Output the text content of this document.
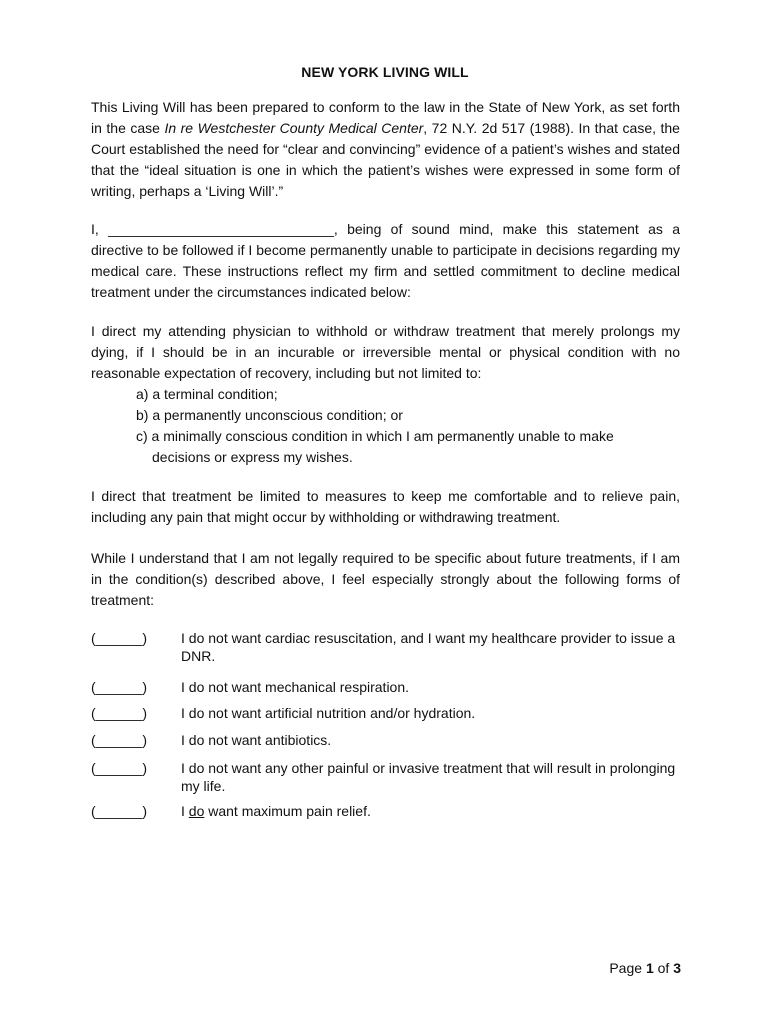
NEW YORK LIVING WILL

This Living Will has been prepared to conform to the law in the State of New York, as set forth in the case In re Westchester County Medical Center, 72 N.Y. 2d 517 (1988). In that case, the Court established the need for “clear and convincing” evidence of a patient’s wishes and stated that the “ideal situation is one in which the patient’s wishes were expressed in some form of writing, perhaps a ‘Living Will’.”

I, _____________________________, being of sound mind, make this statement as a directive to be followed if I become permanently unable to participate in decisions regarding my medical care. These instructions reflect my firm and settled commitment to decline medical treatment under the circumstances indicated below:

I direct my attending physician to withhold or withdraw treatment that merely prolongs my dying, if I should be in an incurable or irreversible mental or physical condition with no reasonable expectation of recovery, including but not limited to:

a) a terminal condition;
b) a permanently unconscious condition; or
c) a minimally conscious condition in which I am permanently unable to make
decisions or express my wishes.

I direct that treatment be limited to measures to keep me comfortable and to relieve pain, including any pain that might occur by withholding or withdrawing treatment.

While I understand that I am not legally required to be specific about future treatments, if I am in the condition(s) described above, I feel especially strongly about the following forms of treatment:

(______)	I do not want cardiac resuscitation, and I want my healthcare provider to issue a DNR.
(______)	I do not want mechanical respiration.
(______)	I do not want artificial nutrition and/or hydration.
(______)	I do not want antibiotics.
(______)	I do not want any other painful or invasive treatment that will result in prolonging my life.
(______)	I do want maximum pain relief.
Page 1 of 3
